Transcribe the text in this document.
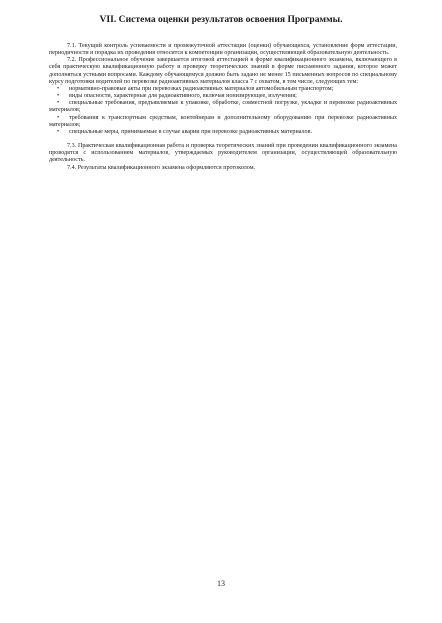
VII. Система оценки результатов освоения Программы.

7.1. Текущий контроль успеваемости и промежуточной аттестации (оценки) обучающихся, установление форм аттестации, периодичности и порядка их проведения относится к компетенции организации, осуществляющей образовательную деятельность.

7.2. Профессиональное обучение завершается итоговой аттестацией в форме квалификационного экзамена, включающего в себя практическую квалификационную работу и проверку теоретических знаний в форме письменного задания, которое может дополняться устными вопросами. Каждому обучающемуся должно быть задано не менее 15 письменных вопросов по специальному курсу подготовки водителей по перевозке радиоактивных материалов класса 7 с охватом, в том числе, следующих тем:

• нормативно-правовые акты при перевозках радиоактивных материалов автомобильным транспортом;
• виды опасности, характерные для радиоактивного, включая ионизирующее, излучения;
• специальные требования, предъявляемые к упаковке, обработке, совместной погрузке, укладке и перевозке радиоактивных материалов;
• требования к транспортным средствам, контейнерам и дополнительному оборудованию при перевозке радиоактивных материалов;
• специальные меры, принимаемые в случае аварии при перевозке радиоактивных материалов.

7.3. Практическая квалификационная работа и проверка теоретических знаний при проведении квалификационного экзамена проводятся с использованием материалов, утверждаемых руководителем организации, осуществляющей образовательную деятельность.

7.4. Результаты квалификационного экзамена оформляются протоколом.

13
